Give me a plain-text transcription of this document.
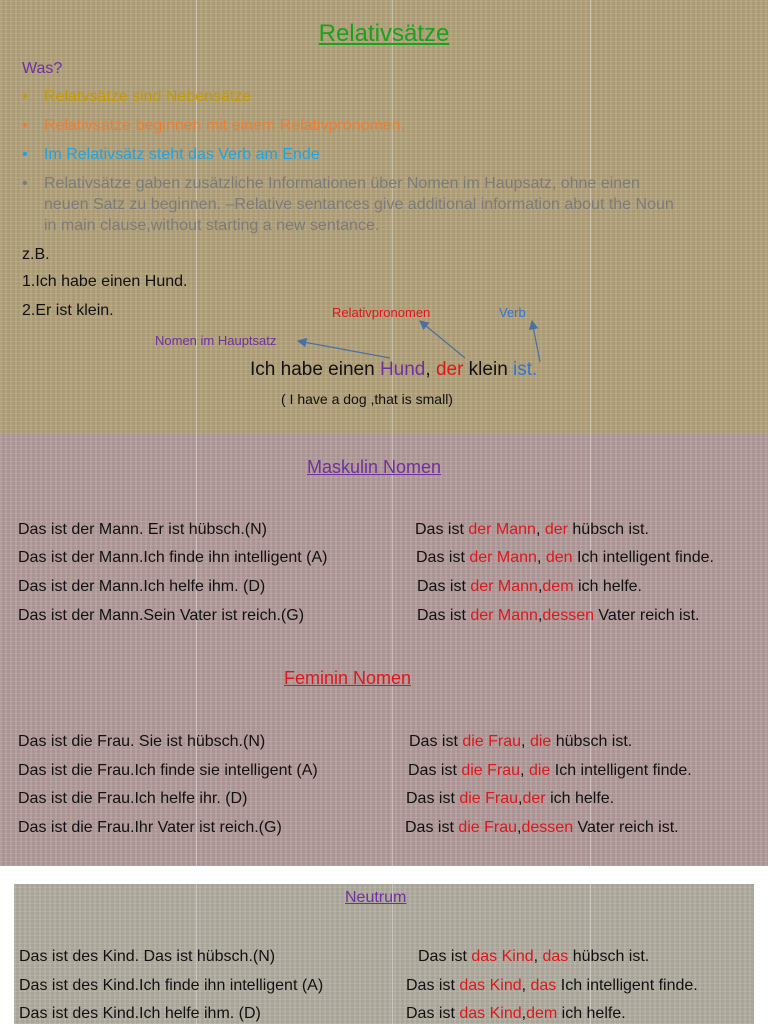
Relativsätze
Was?
• Relatvsätze sind Nebensätze
• Relativsätze beginnen mit einem Relativpronomen.
• Im Relativsätz steht das Verb am Ende
• Relativsätze gaben zusätzliche Informationen über Nomen im Haupsatz, ohne einen
neuen Satz zu beginnen. –Relative sentances give additional information about the Noun
in main clause,without starting a new sentance.
z.B.
1.Ich habe einen Hund.
2.Er ist klein.	Relativpronomen	Verb
Nomen im Hauptsatz
Ich habe einen Hund, der klein ist.
( I have a dog ,that is small)
Maskulin Nomen
Das ist der Mann. Er ist hübsch.(N)	Das ist der Mann, der hübsch ist.
Das ist der Mann.Ich finde ihn intelligent (A)	Das ist der Mann, den Ich intelligent finde.
Das ist der Mann.Ich helfe ihm. (D)	Das ist der Mann,dem ich helfe.
Das ist der Mann.Sein Vater ist reich.(G)	Das ist der Mann,dessen Vater reich ist.
Feminin Nomen
Das ist die Frau. Sie ist hübsch.(N)	Das ist die Frau, die hübsch ist.
Das ist die Frau.Ich finde sie intelligent (A)	Das ist die Frau, die Ich intelligent finde.
Das ist die Frau.Ich helfe ihr. (D)	Das ist die Frau,der ich helfe.
Das ist die Frau.Ihr Vater ist reich.(G)	Das ist die Frau,dessen Vater reich ist.
Neutrum
Das ist des Kind. Das ist hübsch.(N)	Das ist das Kind, das hübsch ist.
Das ist des Kind.Ich finde ihn intelligent (A)	Das ist das Kind, das Ich intelligent finde.
Das ist des Kind.Ich helfe ihm. (D)	Das ist das Kind,dem ich helfe.
